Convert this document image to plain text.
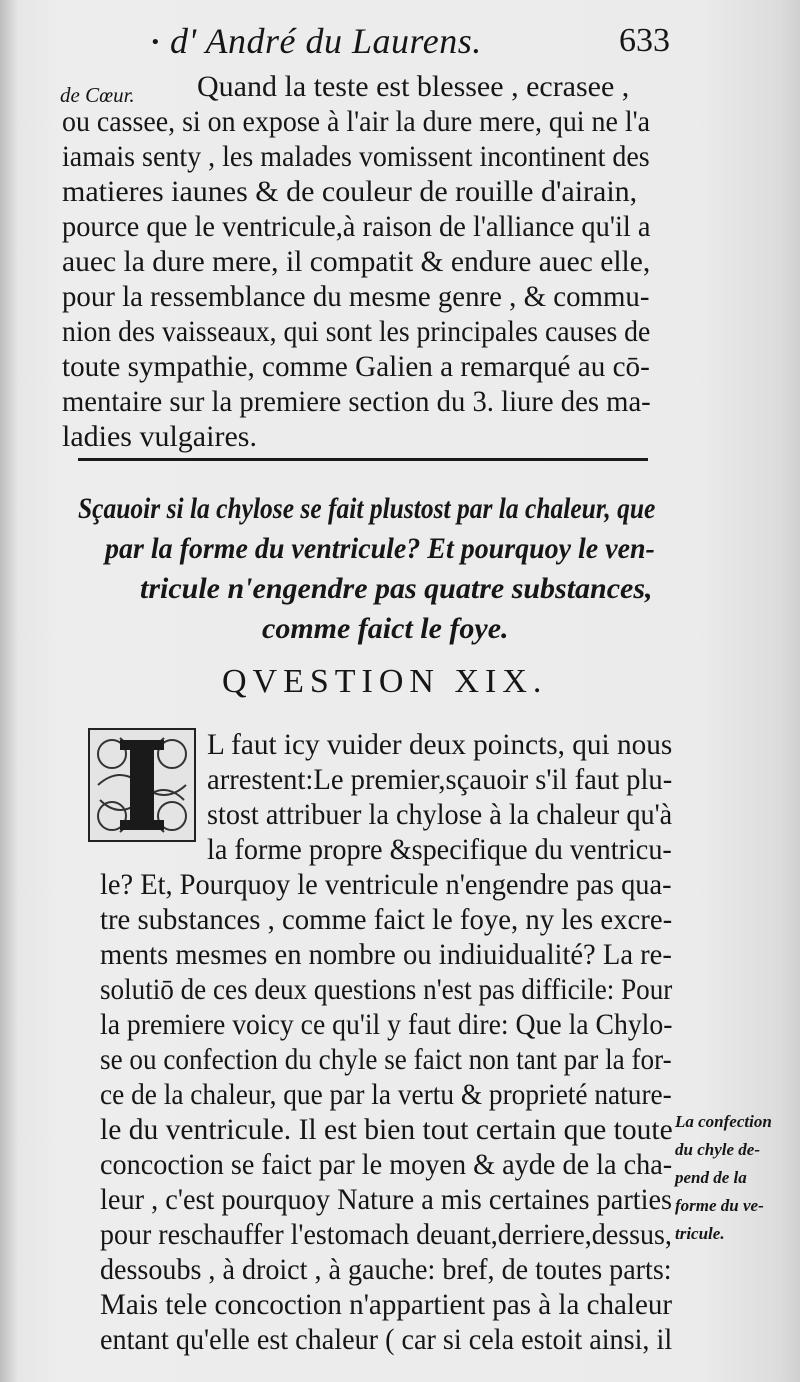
• d' André du Laurens.	633
de Cœur. Quand la teste est blessee , ecrasee ,
ou cassee, si on expose à l'air la dure mere, qui ne l'a
iamais senty , les malades vomissent incontinent des
matieres iaunes & de couleur de rouille d'airain,
pource que le ventricule,à raison de l'alliance qu'il a
auec la dure mere, il compatit & endure auec elle,
pour la ressemblance du mesme genre , & commu-
nion des vaisseaux, qui sont les principales causes de
toute sympathie, comme Galien a remarqué au cō-
mentaire sur la premiere section du 3. liure des ma-
ladies vulgaires.
Sçauoir si la chylose se fait plustost par la chaleur, que
par la forme du ventricule? Et pourquoy le ven-
tricule n'engendre pas quatre substances,
comme faict le foye.
QVESTION XIX.
L faut icy vuider deux poincts, qui nous
arrestent:Le premier,sçauoir s'il faut plu-
stost attribuer la chylose à la chaleur qu'à
la forme propre &specifique du ventricu-
le? Et, Pourquoy le ventricule n'engendre pas qua-
tre substances , comme faict le foye, ny les excre-
ments mesmes en nombre ou indiuidualité? La re-
solutiō de ces deux questions n'est pas difficile: Pour
la premiere voicy ce qu'il y faut dire: Que la Chylo-
se ou confection du chyle se faict non tant par la for-
ce de la chaleur, que par la vertu & proprieté nature-
le du ventricule. Il est bien tout certain que toute
concoction se faict par le moyen & ayde de la cha-
leur , c'est pourquoy Nature a mis certaines parties
pour reschauffer l'estomach deuant,derriere,dessus,
dessoubs , à droict , à gauche: bref, de toutes parts:
Mais tele concoction n'appartient pas à la chaleur
entant qu'elle est chaleur ( car si cela estoit ainsi, il
La confection
du chyle de-
pend de la
forme du ve-
tricule.
